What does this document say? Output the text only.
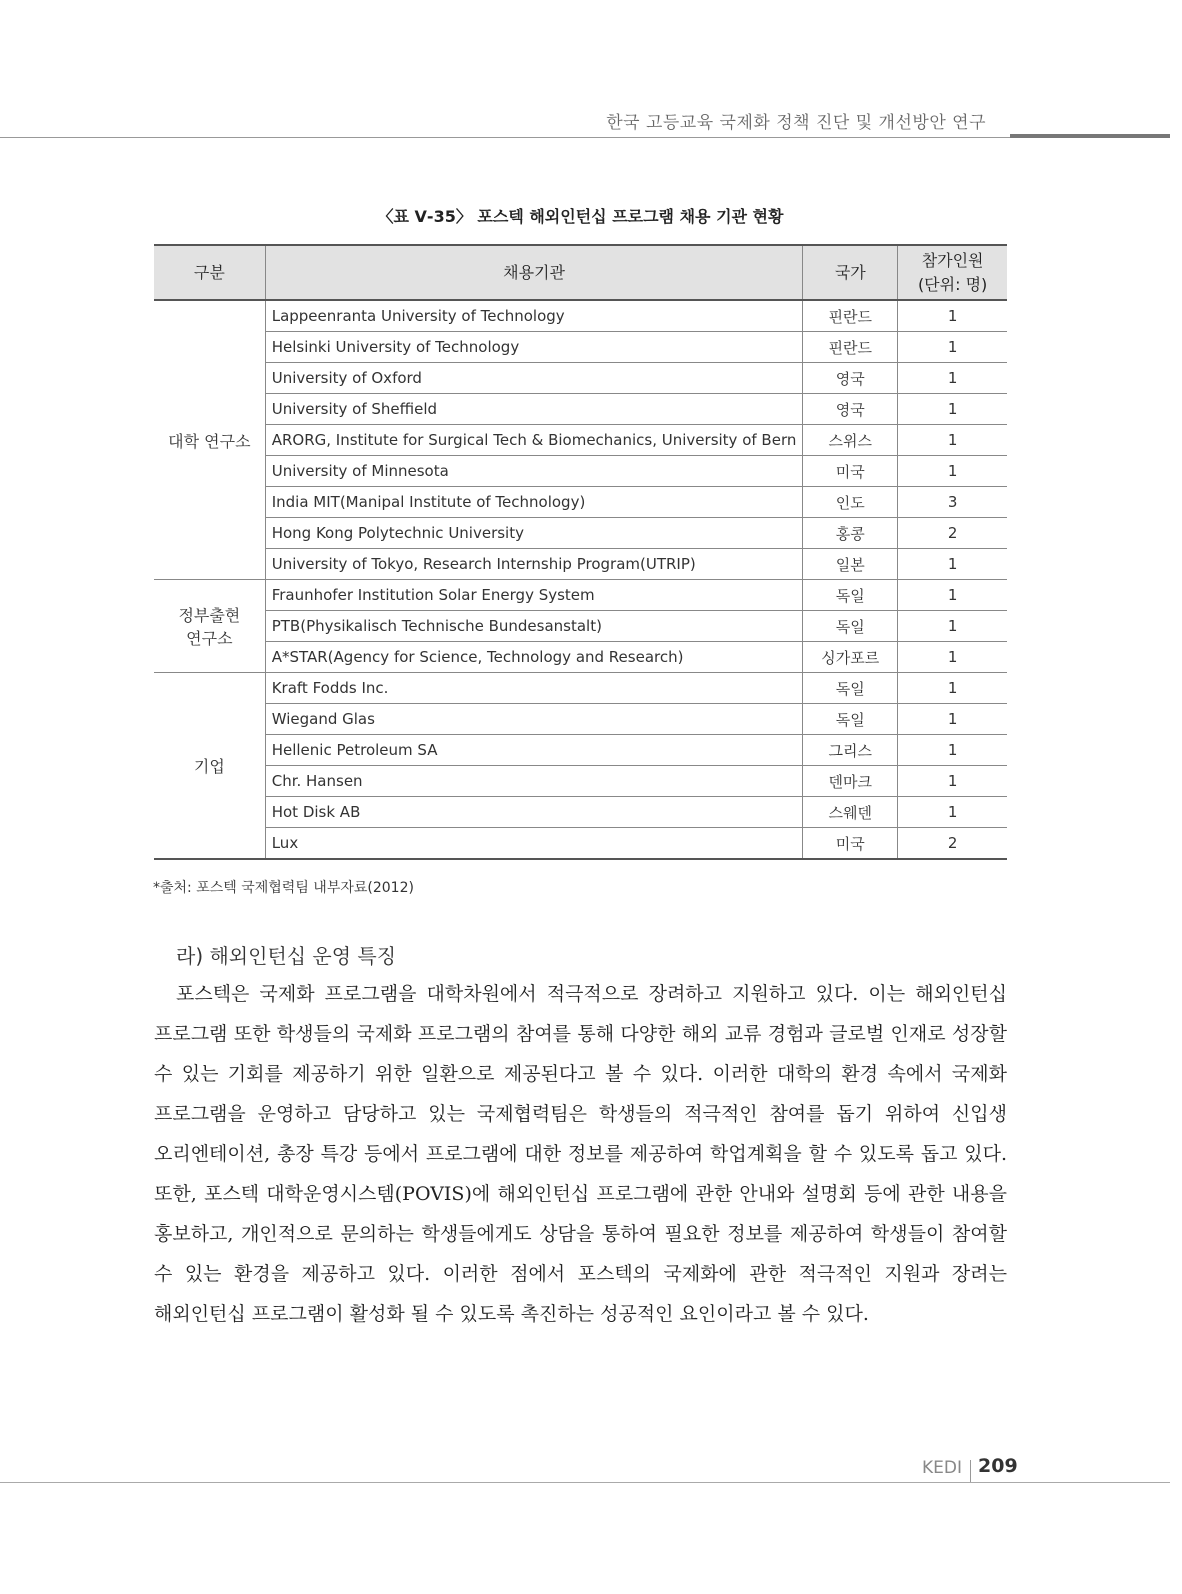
한국 고등교육 국제화 정책 진단 및 개선방안 연구
〈표 Ⅴ-35〉 포스텍 해외인턴십 프로그램 채용 기관 현황
구분	채용기관	국가	참가인원
(단위: 명)
대학 연구소	Lappeenranta University of Technology	핀란드	1
	Helsinki University of Technology	핀란드	1
	University of Oxford	영국	1
	University of Sheffield	영국	1
	ARORG, Institute for Surgical Tech & Biomechanics, University of Bern	스위스	1
	University of Minnesota	미국	1
	India MIT(Manipal Institute of Technology)	인도	3
	Hong Kong Polytechnic University	홍콩	2
	University of Tokyo, Research Internship Program(UTRIP)	일본	1
정부출현
연구소	Fraunhofer Institution Solar Energy System	독일	1
	PTB(Physikalisch Technische Bundesanstalt)	독일	1
	A*STAR(Agency for Science, Technology and Research)	싱가포르	1
기업	Kraft Fodds Inc.	독일	1
	Wiegand Glas	독일	1
	Hellenic Petroleum SA	그리스	1
	Chr. Hansen	덴마크	1
	Hot Disk AB	스웨덴	1
	Lux	미국	2
*출처: 포스텍 국제협력팀 내부자료(2012)
라) 해외인턴십 운영 특징

포스텍은 국제화 프로그램을 대학차원에서 적극적으로 장려하고 지원하고 있다. 이는 해외인턴십 프로그램 또한 학생들의 국제화 프로그램의 참여를 통해 다양한 해외 교류 경험과 글로벌 인재로 성장할 수 있는 기회를 제공하기 위한 일환으로 제공된다고 볼 수 있다. 이러한 대학의 환경 속에서 국제화 프로그램을 운영하고 담당하고 있는 국제협력팀은 학생들의 적극적인 참여를 돕기 위하여 신입생 오리엔테이션, 총장 특강 등에서 프로그램에 대한 정보를 제공하여 학업계획을 할 수 있도록 돕고 있다. 또한, 포스텍 대학운영시스템(POVIS)에 해외인턴십 프로그램에 관한 안내와 설명회 등에 관한 내용을 홍보하고, 개인적으로 문의하는 학생들에게도 상담을 통하여 필요한 정보를 제공하여 학생들이 참여할 수 있는 환경을 제공하고 있다. 이러한 점에서 포스텍의 국제화에 관한 적극적인 지원과 장려는 해외인턴십 프로그램이 활성화 될 수 있도록 촉진하는 성공적인 요인이라고 볼 수 있다.

KEDI 209
